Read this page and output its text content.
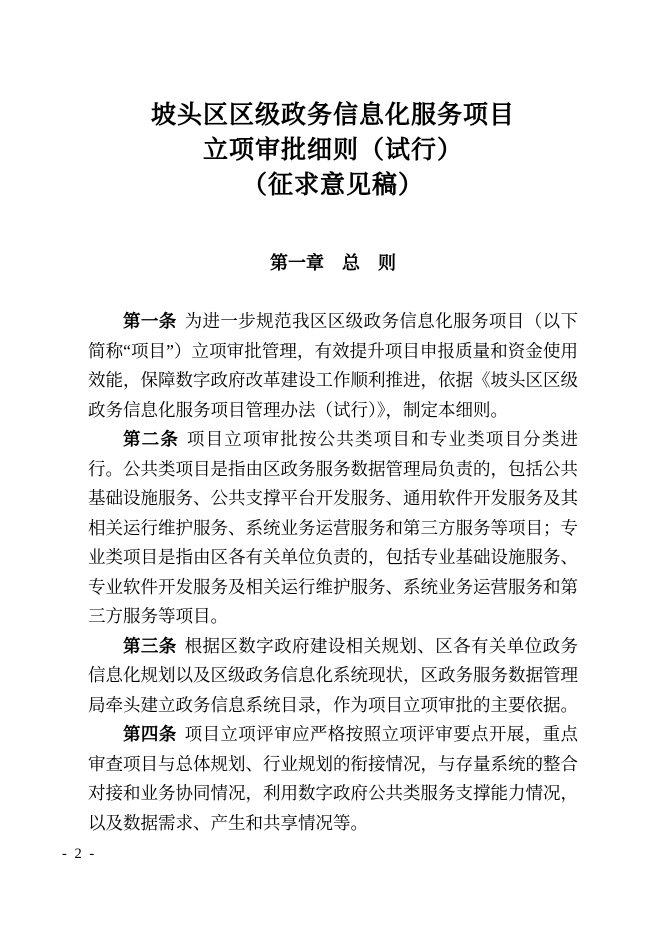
坡头区区级政务信息化服务项目
立项审批细则（试行）
（征求意见稿）
第一章　总　则

第一条 为进一步规范我区区级政务信息化服务项目（以下简称“项目”）立项审批管理，有效提升项目申报质量和资金使用效能，保障数字政府改革建设工作顺利推进，依据《坡头区区级政务信息化服务项目管理办法（试行）》，制定本细则。

第二条 项目立项审批按公共类项目和专业类项目分类进行。公共类项目是指由区政务服务数据管理局负责的，包括公共基础设施服务、公共支撑平台开发服务、通用软件开发服务及其相关运行维护服务、系统业务运营服务和第三方服务等项目；专业类项目是指由区各有关单位负责的，包括专业基础设施服务、专业软件开发服务及相关运行维护服务、系统业务运营服务和第三方服务等项目。

第三条 根据区数字政府建设相关规划、区各有关单位政务信息化规划以及区级政务信息化系统现状，区政务服务数据管理局牵头建立政务信息系统目录，作为项目立项审批的主要依据。

第四条 项目立项评审应严格按照立项评审要点开展，重点审查项目与总体规划、行业规划的衔接情况，与存量系统的整合对接和业务协同情况，利用数字政府公共类服务支撑能力情况，以及数据需求、产生和共享情况等。

- 2 -
